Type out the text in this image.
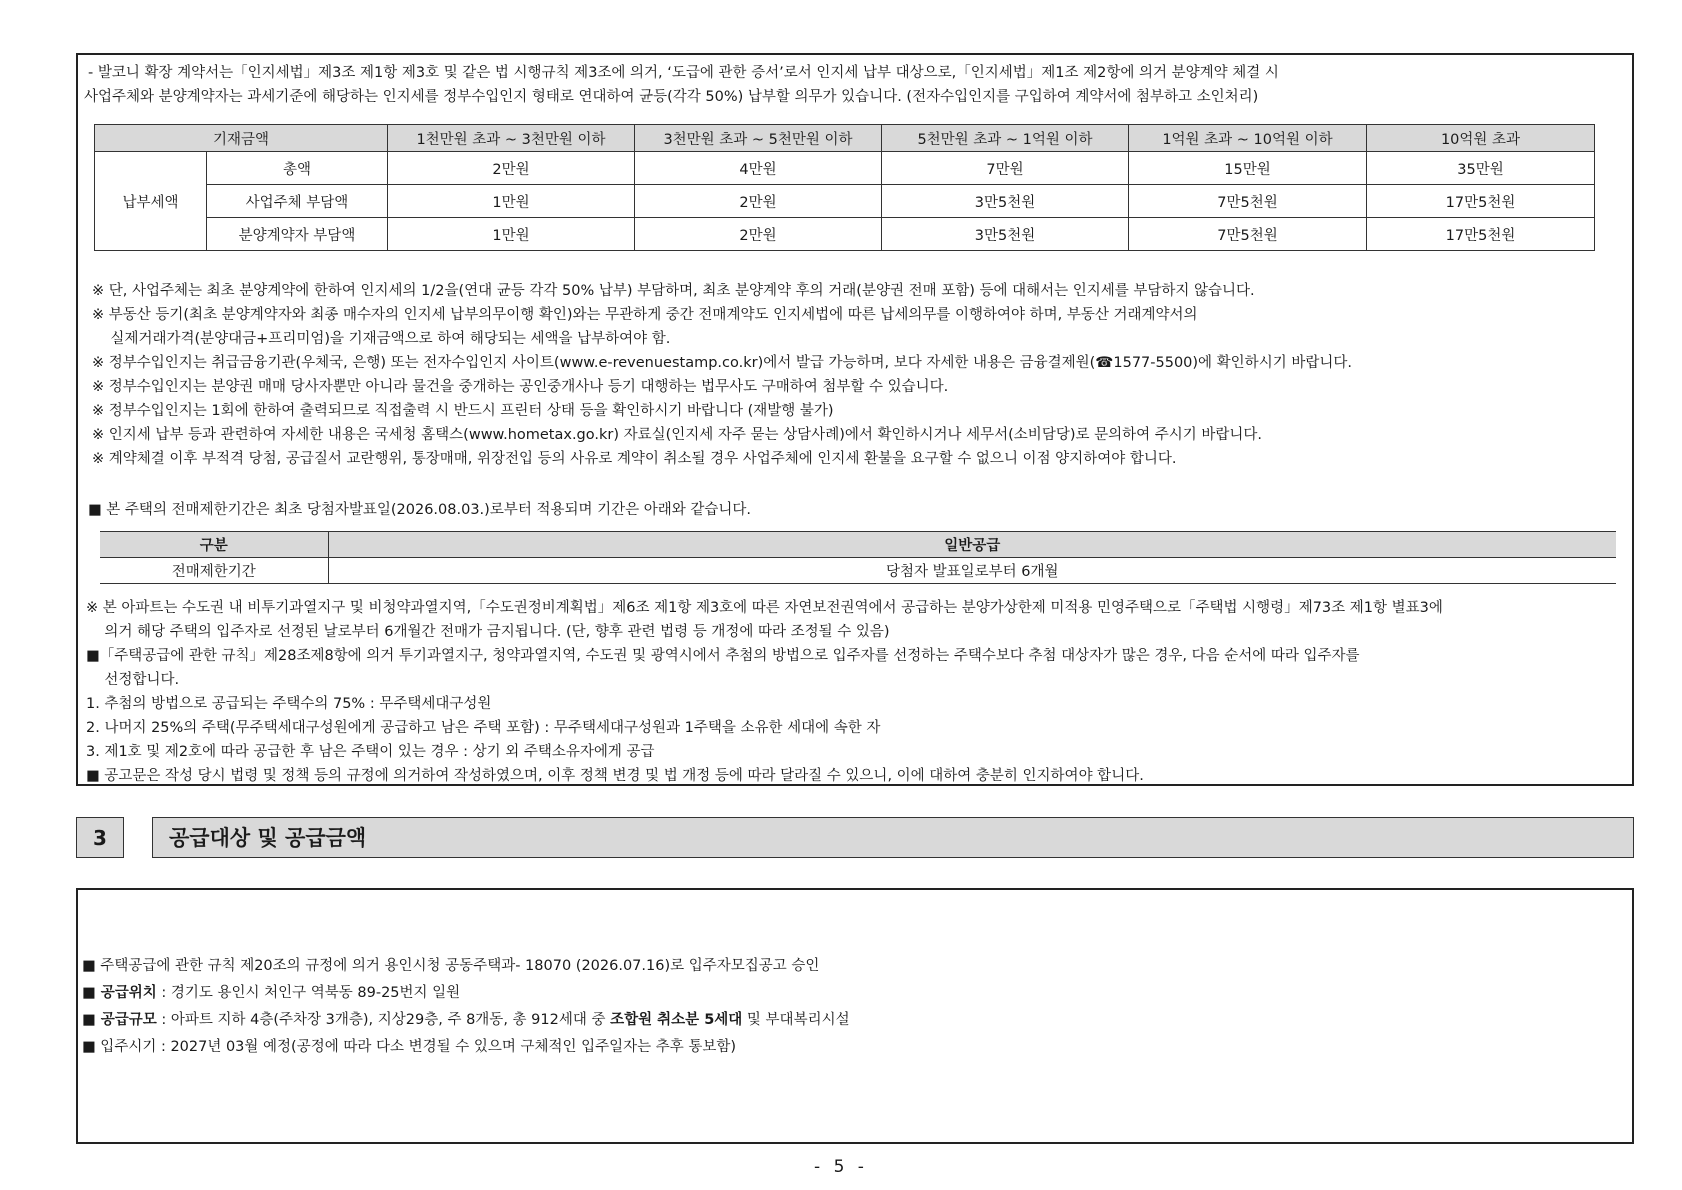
- 발코니 확장 계약서는「인지세법」제3조 제1항 제3호 및 같은 법 시행규칙 제3조에 의거, ‘도급에 관한 증서’로서 인지세 납부 대상으로,「인지세법」제1조 제2항에 의거 분양계약 체결 시
사업주체와 분양계약자는 과세기준에 해당하는 인지세를 정부수입인지 형태로 연대하여 균등(각각 50%) 납부할 의무가 있습니다. (전자수입인지를 구입하여 계약서에 첨부하고 소인처리)
기재금액		1천만원 초과 ~ 3천만원 이하	3천만원 초과 ~ 5천만원 이하	5천만원 초과 ~ 1억원 이하	1억원 초과 ~ 10억원 이하	10억원 초과
납부세액	총액	2만원	4만원	7만원	15만원	35만원
	사업주체 부담액	1만원	2만원	3만5천원	7만5천원	17만5천원
	분양계약자 부담액	1만원	2만원	3만5천원	7만5천원	17만5천원
※ 단, 사업주체는 최초 분양계약에 한하여 인지세의 1/2을(연대 균등 각각 50% 납부) 부담하며, 최초 분양계약 후의 거래(분양권 전매 포함) 등에 대해서는 인지세를 부담하지 않습니다.
※ 부동산 등기(최초 분양계약자와 최종 매수자의 인지세 납부의무이행 확인)와는 무관하게 중간 전매계약도 인지세법에 따른 납세의무를 이행하여야 하며, 부동산 거래계약서의
실제거래가격(분양대금+프리미엄)을 기재금액으로 하여 해당되는 세액을 납부하여야 함.
※ 정부수입인지는 취급금융기관(우체국, 은행) 또는 전자수입인지 사이트(www.e-revenuestamp.co.kr)에서 발급 가능하며, 보다 자세한 내용은 금융결제원(☎1577-5500)에 확인하시기 바랍니다.
※ 정부수입인지는 분양권 매매 당사자뿐만 아니라 물건을 중개하는 공인중개사나 등기 대행하는 법무사도 구매하여 첨부할 수 있습니다.
※ 정부수입인지는 1회에 한하여 출력되므로 직접출력 시 반드시 프린터 상태 등을 확인하시기 바랍니다 (재발행 불가)
※ 인지세 납부 등과 관련하여 자세한 내용은 국세청 홈택스(www.hometax.go.kr) 자료실(인지세 자주 묻는 상담사례)에서 확인하시거나 세무서(소비담당)로 문의하여 주시기 바랍니다.
※ 계약체결 이후 부적격 당첨, 공급질서 교란행위, 통장매매, 위장전입 등의 사유로 계약이 취소될 경우 사업주체에 인지세 환불을 요구할 수 없으니 이점 양지하여야 합니다.
■ 본 주택의 전매제한기간은 최초 당첨자발표일(2026.08.03.)로부터 적용되며 기간은 아래와 같습니다.
구분	일반공급
전매제한기간	당첨자 발표일로부터 6개월
※ 본 아파트는 수도권 내 비투기과열지구 및 비청약과열지역,「수도권정비계획법」제6조 제1항 제3호에 따른 자연보전권역에서 공급하는 분양가상한제 미적용 민영주택으로「주택법 시행령」제73조 제1항 별표3에
의거 해당 주택의 입주자로 선정된 날로부터 6개월간 전매가 금지됩니다. (단, 향후 관련 법령 등 개정에 따라 조정될 수 있음)
■「주택공급에 관한 규칙」제28조제8항에 의거 투기과열지구, 청약과열지역, 수도권 및 광역시에서 추첨의 방법으로 입주자를 선정하는 주택수보다 추첨 대상자가 많은 경우, 다음 순서에 따라 입주자를
선정합니다.
1. 추첨의 방법으로 공급되는 주택수의 75% : 무주택세대구성원
2. 나머지 25%의 주택(무주택세대구성원에게 공급하고 남은 주택 포함) : 무주택세대구성원과 1주택을 소유한 세대에 속한 자
3. 제1호 및 제2호에 따라 공급한 후 남은 주택이 있는 경우 : 상기 외 주택소유자에게 공급
■ 공고문은 작성 당시 법령 및 정책 등의 규정에 의거하여 작성하였으며, 이후 정책 변경 및 법 개정 등에 따라 달라질 수 있으니, 이에 대하여 충분히 인지하여야 합니다.
3	공급대상 및 공급금액
■ 주택공급에 관한 규칙 제20조의 규정에 의거 용인시청 공동주택과- 18070 (2026.07.16)로 입주자모집공고 승인
■ 공급위치 : 경기도 용인시 처인구 역북동 89-25번지 일원
■ 공급규모 : 아파트 지하 4층(주차장 3개층), 지상29층, 주 8개동, 총 912세대 중 조합원 취소분 5세대 및 부대복리시설
■ 입주시기 : 2027년 03월 예정(공정에 따라 다소 변경될 수 있으며 구체적인 입주일자는 추후 통보함)
- 5 -
